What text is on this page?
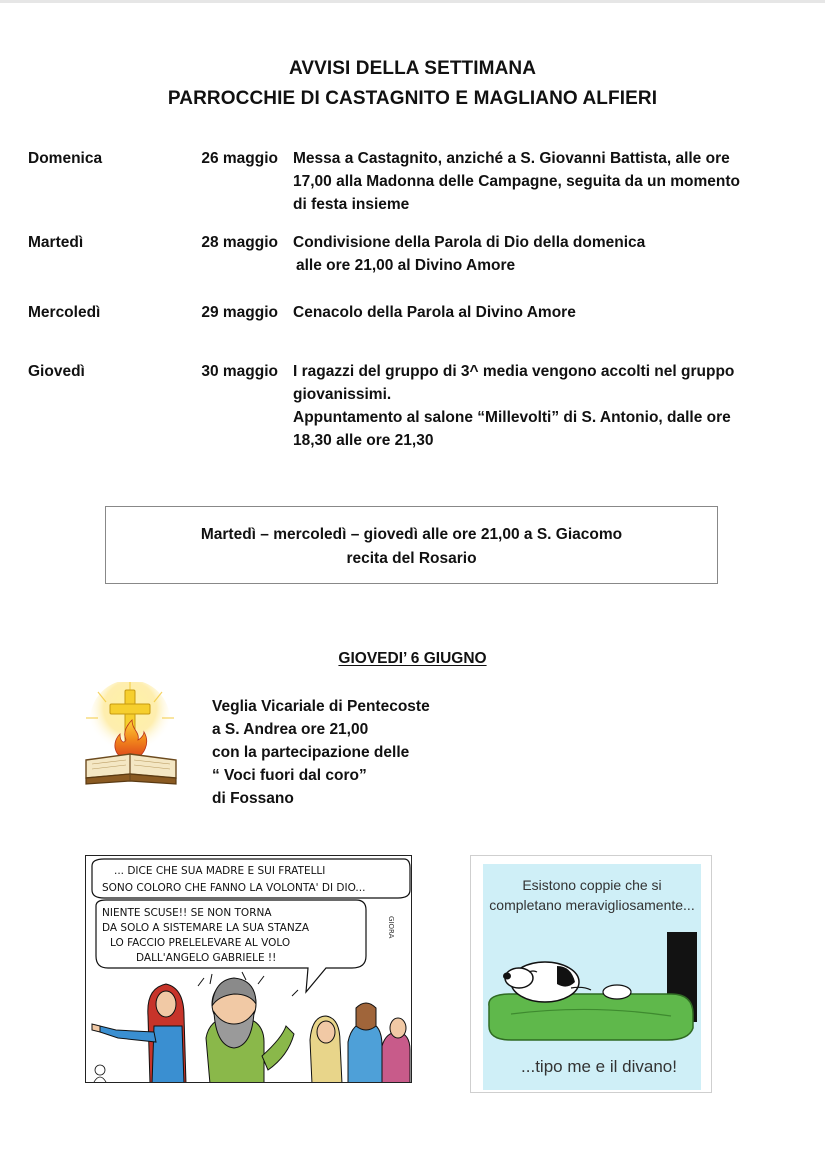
AVVISI DELLA SETTIMANA
PARROCCHIE DI CASTAGNITO E MAGLIANO ALFIERI
Domenica	26 maggio Messa a Castagnito, anziché a S. Giovanni Battista, alle ore
17,00 alla Madonna delle Campagne, seguita da un momento
di festa insieme
Martedì	28 maggio Condivisione della Parola di Dio della domenica
alle ore 21,00 al Divino Amore
Mercoledì	29 maggio Cenacolo della Parola al Divino Amore
Giovedì	30 maggio I ragazzi del gruppo di 3^ media vengono accolti nel gruppo
giovanissimi.
Appuntamento al salone “Millevolti” di S. Antonio, dalle ore
18,30 alle ore 21,30
Martedì – mercoledì – giovedì alle ore 21,00 a S. Giacomo
recita del Rosario
GIOVEDI’ 6 GIUGNO
Veglia Vicariale di Pentecoste
a S. Andrea ore 21,00
con la partecipazione delle
“ Voci fuori dal coro”
di Fossano
... DICE CHE SUA MADRE E SUI FRATELLI
SONO COLORO CHE FANNO LA VOLONTA' DI DIO...
NIENTE SCUSE!! SE NON TORNA
DA SOLO A SISTEMARE LA SUA STANZA
LO FACCIO PRELELEVARE AL VOLO
DALL'ANGELO GABRIELE !!
GIORA
Esistono coppie che si
completano meravigliosamente...
...tipo me e il divano!
